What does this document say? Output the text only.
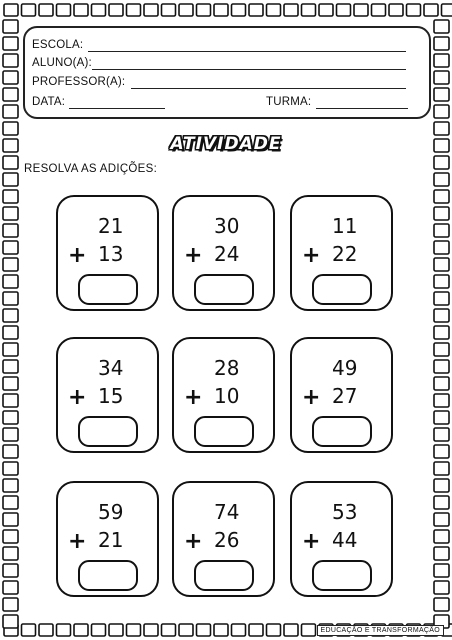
ESCOLA:
ALUNO(A):
PROFESSOR(A):
DATA:	TURMA:
ATIVIDADE
RESOLVA AS ADIÇÕES:
21
+ 13
30
+ 24
11
+ 22
34
+ 15
28
+ 10
49
+ 27
59
+ 21
74
+ 26
53
+ 44
EDUCAÇÃO E TRANSFORMAÇÃO
